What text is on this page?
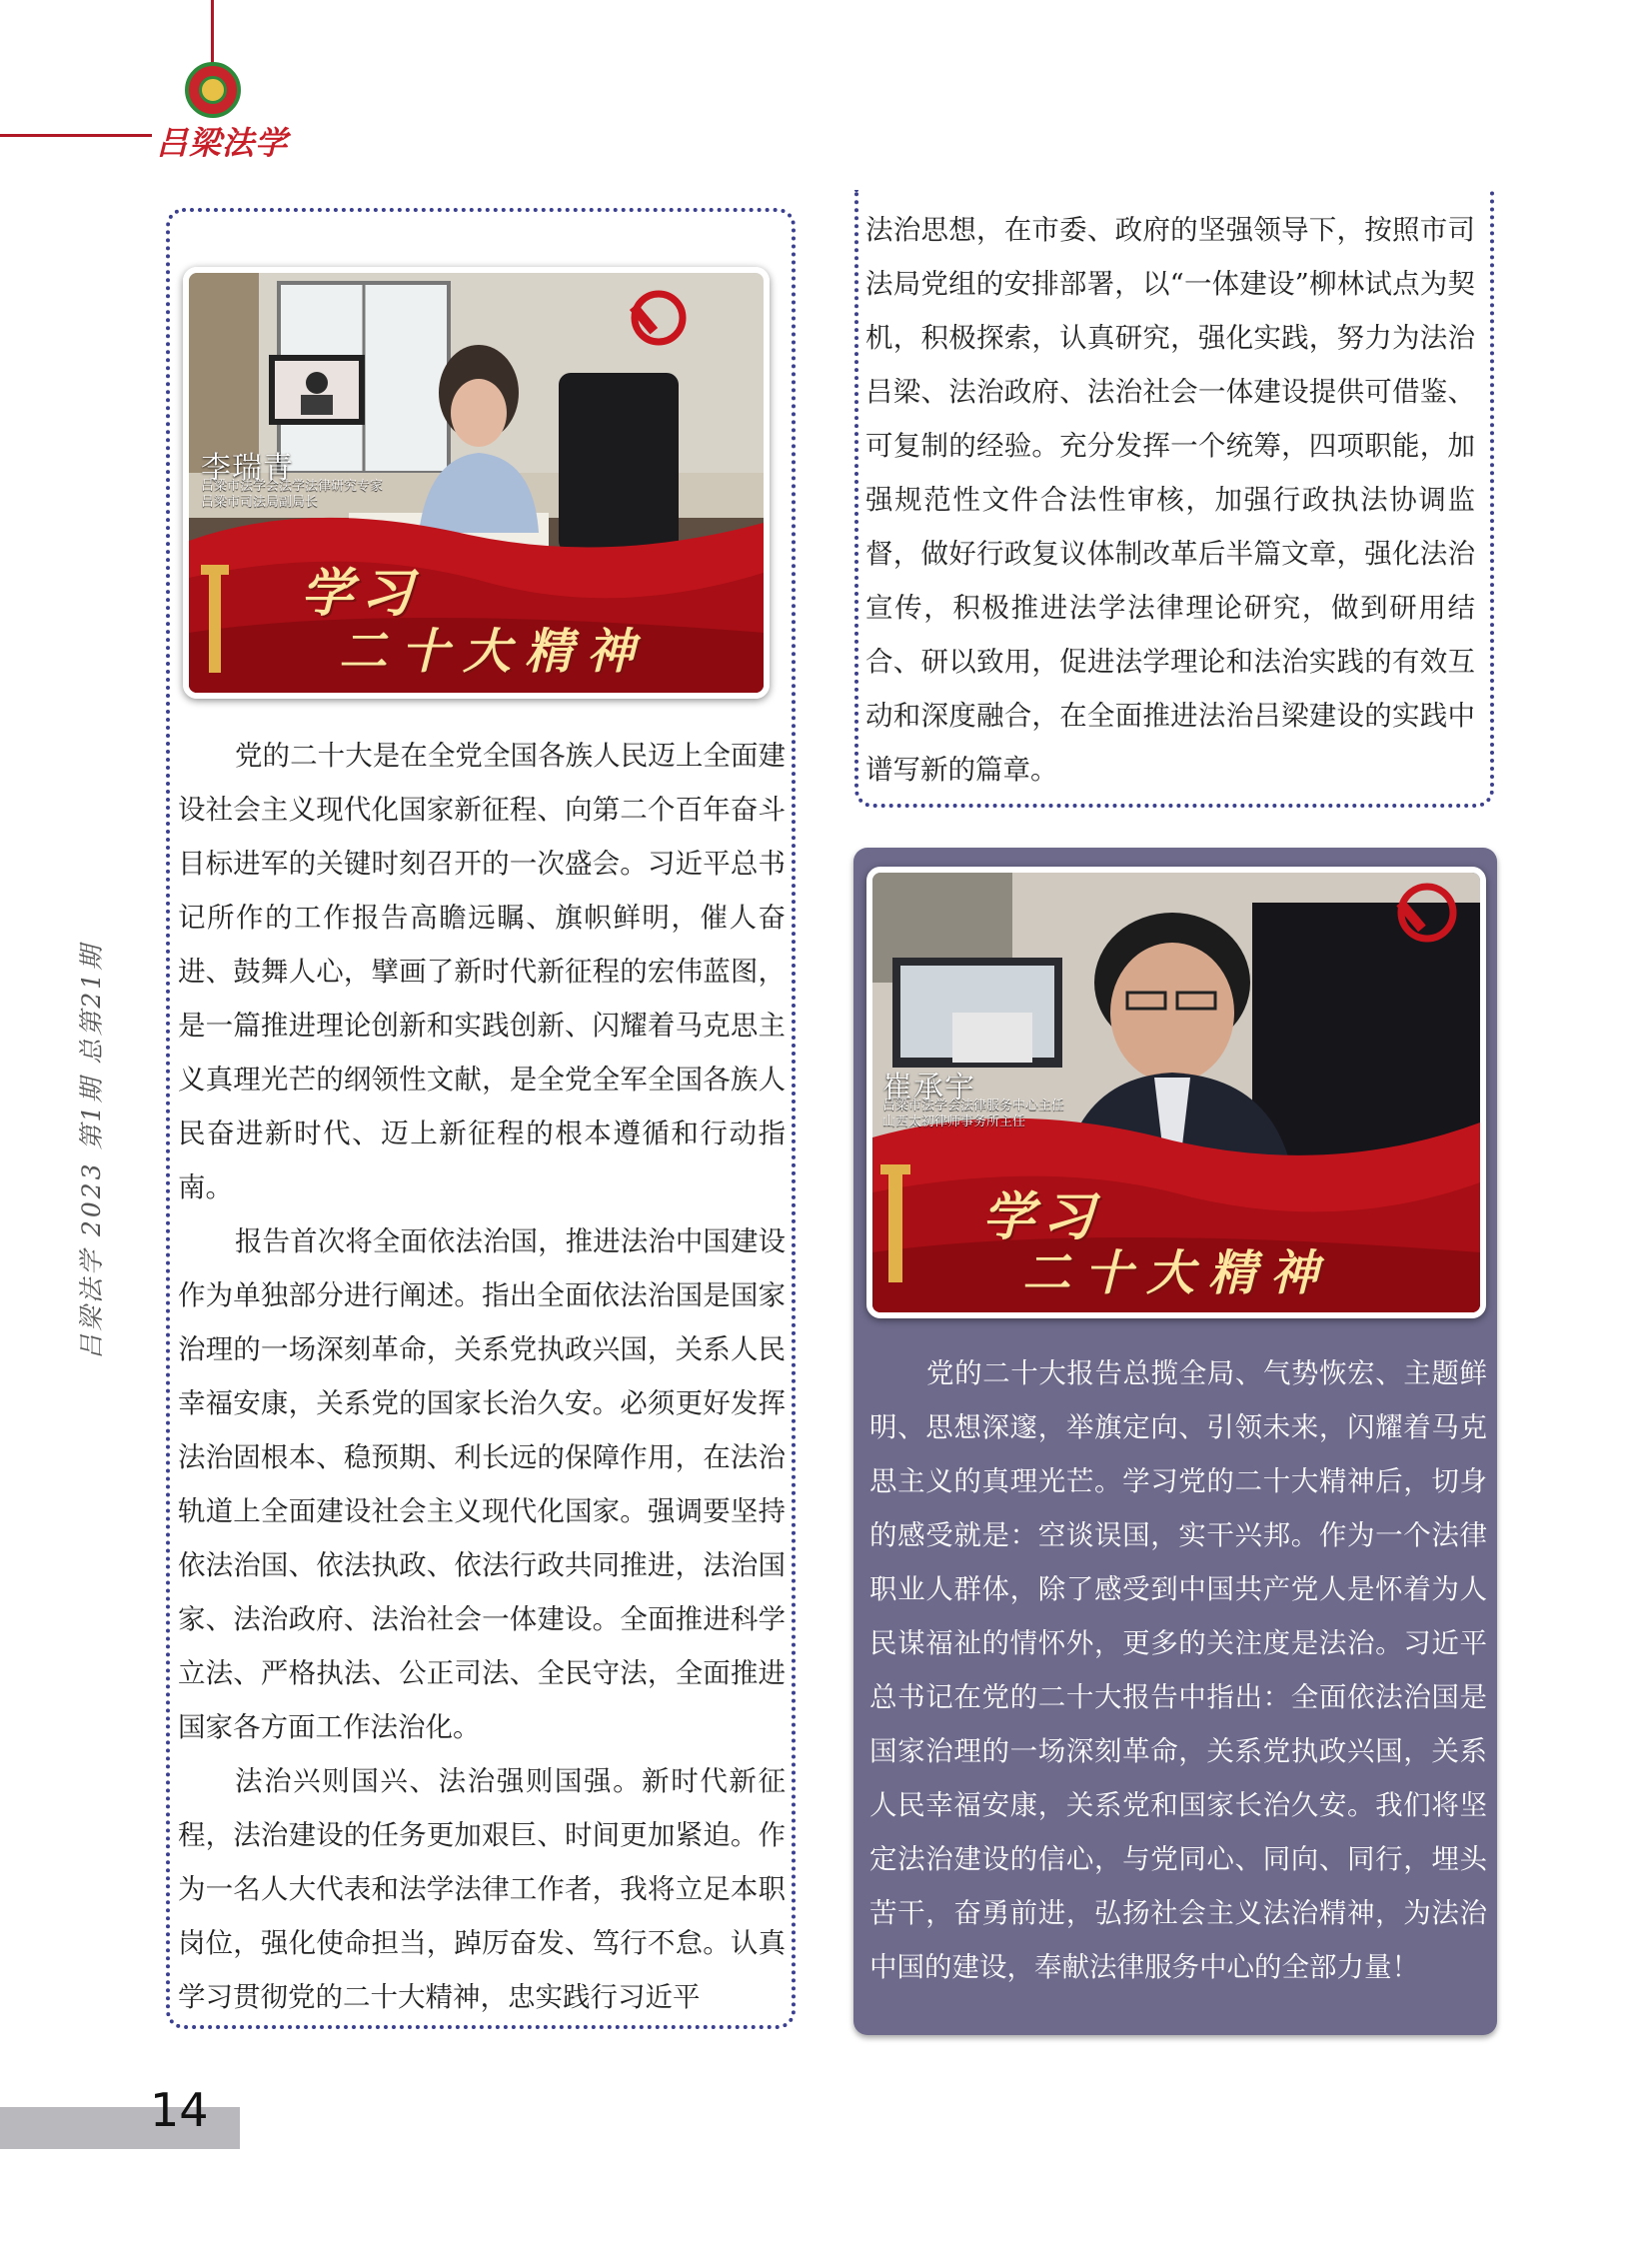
吕梁法学
吕梁法学 2023 第1期 总第21期
14
李瑞青
吕梁市法学会法学法律研究专家
吕梁市司法局副局长
学习
二十大精神
崔承宇
吕梁市法学会法律服务中心主任
山西太初律师事务所主任
学习
二十大精神

党的二十大是在全党全国各族人民迈上全面建设社会主义现代化国家新征程、向第二个百年奋斗目标进军的关键时刻召开的一次盛会。习近平总书记所作的工作报告高瞻远瞩、旗帜鲜明，催人奋进、鼓舞人心，擘画了新时代新征程的宏伟蓝图，是一篇推进理论创新和实践创新、闪耀着马克思主义真理光芒的纲领性文献，是全党全军全国各族人民奋进新时代、迈上新征程的根本遵循和行动指南。

报告首次将全面依法治国，推进法治中国建设作为单独部分进行阐述。指出全面依法治国是国家治理的一场深刻革命，关系党执政兴国，关系人民幸福安康，关系党的国家长治久安。必须更好发挥法治固根本、稳预期、利长远的保障作用，在法治轨道上全面建设社会主义现代化国家。强调要坚持依法治国、依法执政、依法行政共同推进，法治国家、法治政府、法治社会一体建设。全面推进科学立法、严格执法、公正司法、全民守法，全面推进国家各方面工作法治化。

法治兴则国兴、法治强则国强。新时代新征程，法治建设的任务更加艰巨、时间更加紧迫。作为一名人大代表和法学法律工作者，我将立足本职岗位，强化使命担当，踔厉奋发、笃行不怠。认真学习贯彻党的二十大精神，忠实践行习近平

法治思想，在市委、政府的坚强领导下，按照市司法局党组的安排部署，以“一体建设”柳林试点为契机，积极探索，认真研究，强化实践，努力为法治吕梁、法治政府、法治社会一体建设提供可借鉴、可复制的经验。充分发挥一个统筹，四项职能，加强规范性文件合法性审核，加强行政执法协调监督，做好行政复议体制改革后半篇文章，强化法治宣传，积极推进法学法律理论研究，做到研用结合、研以致用，促进法学理论和法治实践的有效互动和深度融合，在全面推进法治吕梁建设的实践中谱写新的篇章。

党的二十大报告总揽全局、气势恢宏、主题鲜明、思想深邃，举旗定向、引领未来，闪耀着马克思主义的真理光芒。学习党的二十大精神后，切身的感受就是：空谈误国，实干兴邦。作为一个法律职业人群体，除了感受到中国共产党人是怀着为人民谋福祉的情怀外，更多的关注度是法治。习近平总书记在党的二十大报告中指出：全面依法治国是国家治理的一场深刻革命，关系党执政兴国，关系人民幸福安康，关系党和国家长治久安。我们将坚定法治建设的信心，与党同心、同向、同行，埋头苦干，奋勇前进，弘扬社会主义法治精神，为法治中国的建设，奉献法律服务中心的全部力量！
